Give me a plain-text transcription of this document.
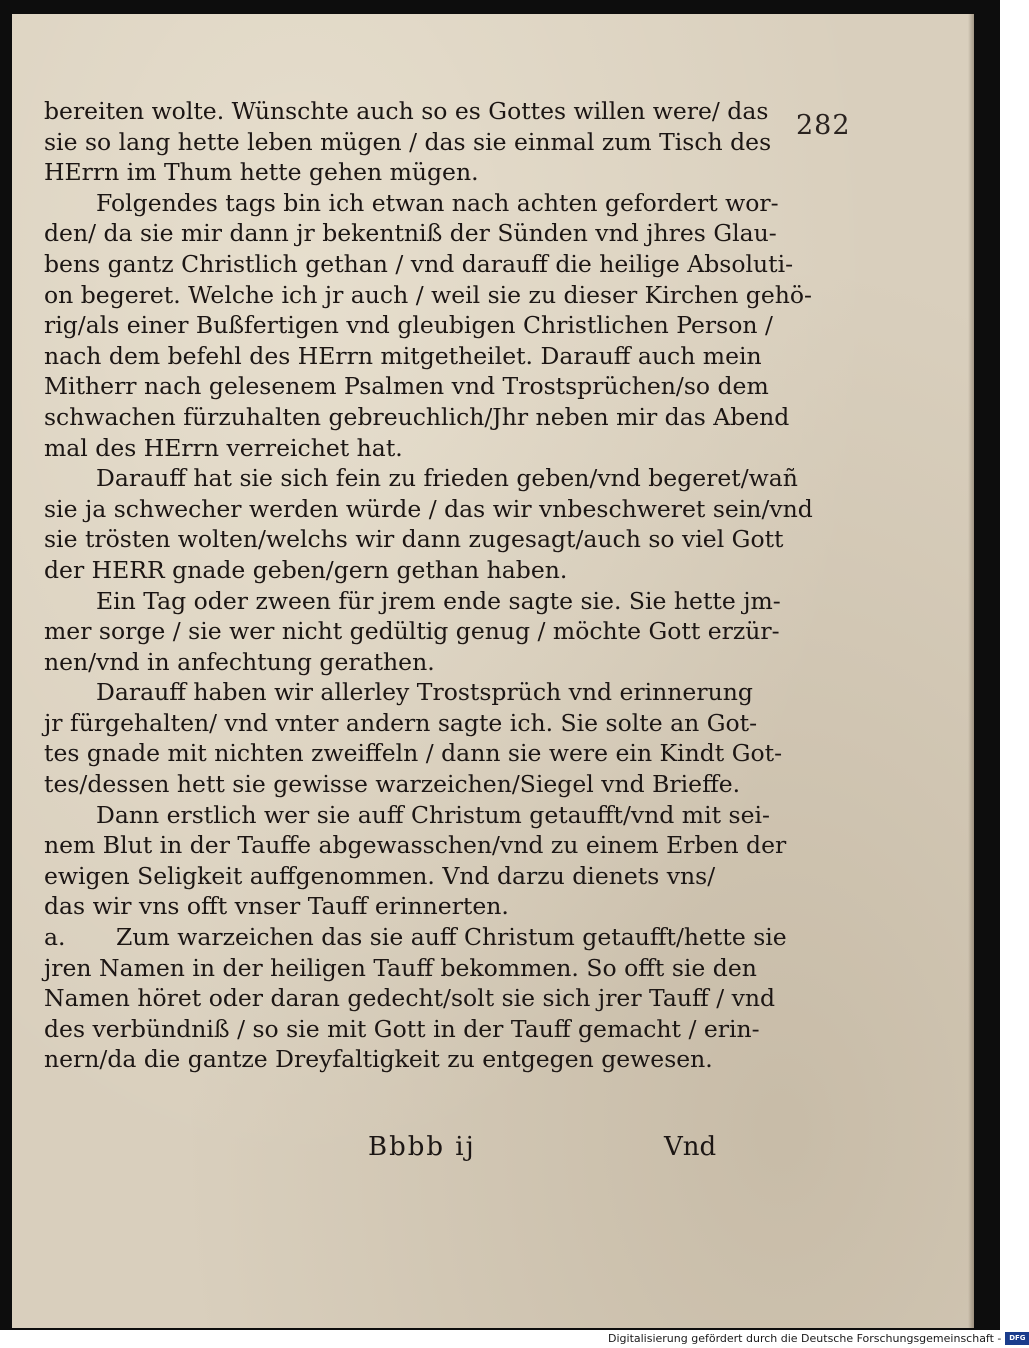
282
bereiten wolte. Wünschte auch so es Gottes willen were/ das
sie so lang hette leben mügen / das sie einmal zum Tisch des
HErrn im Thum hette gehen mügen.
Folgendes tags bin ich etwan nach achten gefordert wor-
den/ da sie mir dann jr bekentniß der Sünden vnd jhres Glau-
bens gantz Christlich gethan / vnd darauff die heilige Absoluti-
on begeret. Welche ich jr auch / weil sie zu dieser Kirchen gehö-
rig/als einer Bußfertigen vnd gleubigen Christlichen Person /
nach dem befehl des HErrn mitgetheilet. Darauff auch mein
Mitherr nach gelesenem Psalmen vnd Trostsprüchen/so dem
schwachen fürzuhalten gebreuchlich/Jhr neben mir das Abend
mal des HErrn verreichet hat.
Darauff hat sie sich fein zu frieden geben/vnd begeret/wañ
sie ja schwecher werden würde / das wir vnbeschweret sein/vnd
sie trösten wolten/welchs wir dann zugesagt/auch so viel Gott
der HERR gnade geben/gern gethan haben.
Ein Tag oder zween für jrem ende sagte sie. Sie hette jm-
mer sorge / sie wer nicht gedültig genug / möchte Gott erzür-
nen/vnd in anfechtung gerathen.
Darauff haben wir allerley Trostsprüch vnd erinnerung
jr fürgehalten/ vnd vnter andern sagte ich. Sie solte an Got-
tes gnade mit nichten zweiffeln / dann sie were ein Kindt Got-
tes/dessen hett sie gewisse warzeichen/Siegel vnd Brieffe.
Dann erstlich wer sie auff Christum getaufft/vnd mit sei-
nem Blut in der Tauffe abgewasschen/vnd zu einem Erben der
ewigen Seligkeit auffgenommen. Vnd darzu dienets vns/
das wir vns offt vnser Tauff erinnerten.
a. Zum warzeichen das sie auff Christum getaufft/hette sie
jren Namen in der heiligen Tauff bekommen. So offt sie den
Namen höret oder daran gedecht/solt sie sich jrer Tauff / vnd
des verbündniß / so sie mit Gott in der Tauff gemacht / erin-
nern/da die gantze Dreyfaltigkeit zu entgegen gewesen.
Bbbb ij	Vnd
Digitalisierung gefördert durch die Deutsche Forschungsgemeinschaft -	DFG
